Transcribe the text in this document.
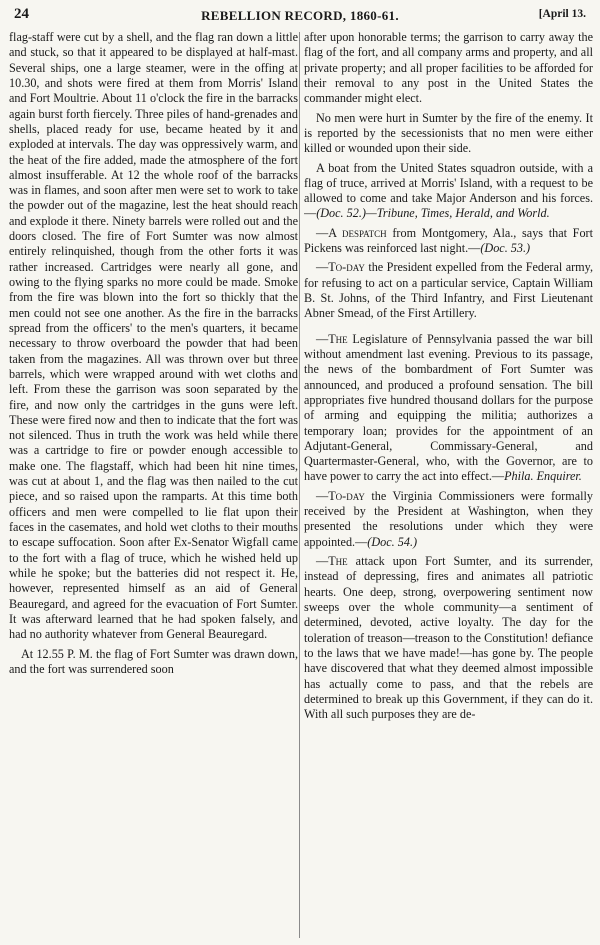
24	REBELLION RECORD, 1860-61.	[April 13.

flag-staff were cut by a shell, and the flag ran down a little and stuck, so that it appeared to be displayed at half-mast. Several ships, one a large steamer, were in the offing at 10.30, and shots were fired at them from Morris' Island and Fort Moultrie. About 11 o'clock the fire in the barracks again burst forth fiercely. Three piles of hand-grenades and shells, placed ready for use, became heated by it and exploded at intervals. The day was oppressively warm, and the heat of the fire added, made the atmosphere of the fort almost insufferable. At 12 the whole roof of the barracks was in flames, and soon after men were set to work to take the powder out of the magazine, lest the heat should reach and explode it there. Ninety barrels were rolled out and the doors closed. The fire of Fort Sumter was now almost entirely relinquished, though from the other forts it was rather increased. Cartridges were nearly all gone, and owing to the flying sparks no more could be made. Smoke from the fire was blown into the fort so thickly that the men could not see one another. As the fire in the barracks spread from the officers' to the men's quarters, it became necessary to throw overboard the powder that had been taken from the magazines. All was thrown over but three barrels, which were wrapped around with wet cloths and left. From these the garrison was soon separated by the fire, and now only the cartridges in the guns were left. These were fired now and then to indicate that the fort was not silenced. Thus in truth the work was held while there was a cartridge to fire or powder enough accessible to make one. The flagstaff, which had been hit nine times, was cut at about 1, and the flag was then nailed to the cut piece, and so raised upon the ramparts. At this time both officers and men were compelled to lie flat upon their faces in the casemates, and hold wet cloths to their mouths to escape suffocation. Soon after Ex-Senator Wigfall came to the fort with a flag of truce, which he wished held up while he spoke; but the batteries did not respect it. He, however, represented himself as an aid of General Beauregard, and agreed for the evacuation of Fort Sumter. It was afterward learned that he had spoken falsely, and had no authority whatever from General Beauregard.

At 12.55 P. M. the flag of Fort Sumter was drawn down, and the fort was surrendered soon

after upon honorable terms; the garrison to carry away the flag of the fort, and all company arms and property, and all private property; and all proper facilities to be afforded for their removal to any post in the United States the commander might elect.

No men were hurt in Sumter by the fire of the enemy. It is reported by the secessionists that no men were either killed or wounded upon their side.

A boat from the United States squadron outside, with a flag of truce, arrived at Morris' Island, with a request to be allowed to come and take Major Anderson and his forces.—(Doc. 52.)—Tribune, Times, Herald, and World.

—A despatch from Montgomery, Ala., says that Fort Pickens was reinforced last night.—(Doc. 53.)

—To-day the President expelled from the Federal army, for refusing to act on a particular service, Captain William B. St. Johns, of the Third Infantry, and First Lieutenant Abner Smead, of the First Artillery.

—The Legislature of Pennsylvania passed the war bill without amendment last evening. Previous to its passage, the news of the bombardment of Fort Sumter was announced, and produced a profound sensation. The bill appropriates five hundred thousand dollars for the purpose of arming and equipping the militia; authorizes a temporary loan; provides for the appointment of an Adjutant-General, Commissary-General, and Quartermaster-General, who, with the Governor, are to have power to carry the act into effect.—Phila. Enquirer.

—To-day the Virginia Commissioners were formally received by the President at Washington, when they presented the resolutions under which they were appointed.—(Doc. 54.)

—The attack upon Fort Sumter, and its surrender, instead of depressing, fires and animates all patriotic hearts. One deep, strong, overpowering sentiment now sweeps over the whole community—a sentiment of determined, devoted, active loyalty. The day for the toleration of treason—treason to the Constitution! defiance to the laws that we have made!—has gone by. The people have discovered that what they deemed almost impossible has actually come to pass, and that the rebels are determined to break up this Government, if they can do it. With all such purposes they are de-
